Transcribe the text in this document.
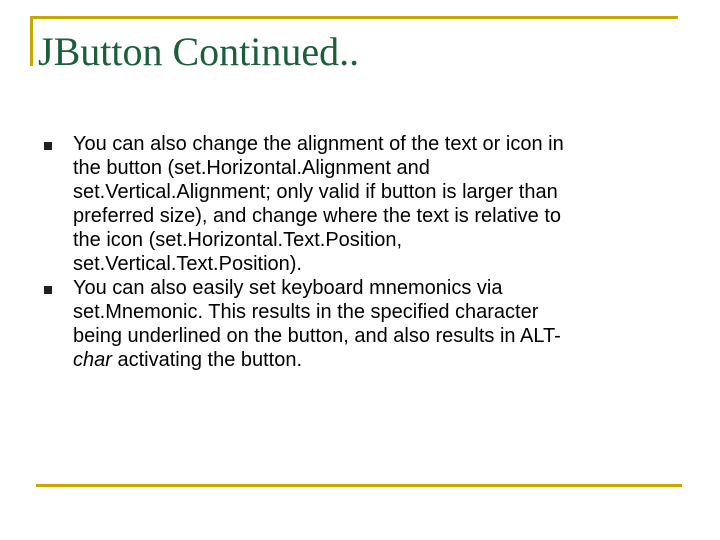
JButton Continued..
You can also change the alignment of the text or icon in
the button (set.Horizontal.Alignment and
set.Vertical.Alignment; only valid if button is larger than
preferred size), and change where the text is relative to
the icon (set.Horizontal.Text.Position,
set.Vertical.Text.Position).
You can also easily set keyboard mnemonics via
set.Mnemonic. This results in the specified character
being underlined on the button, and also results in ALT-
char activating the button.
